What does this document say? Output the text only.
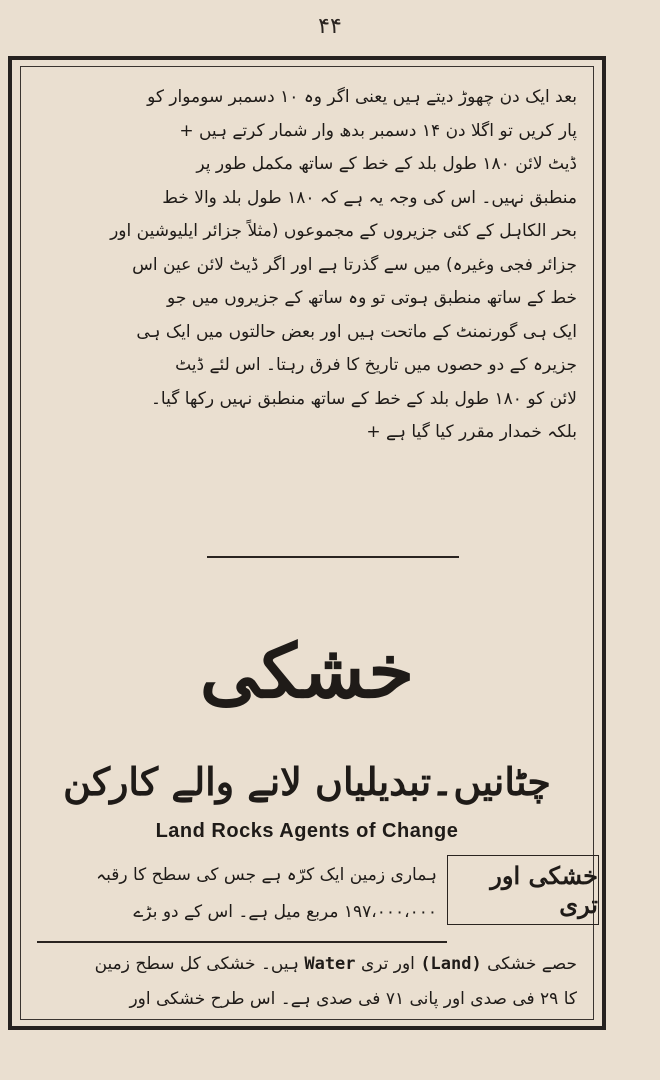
۴۴

بعد ایک دن چھوڑ دیتے ہیں یعنی اگر وہ ۱۰ دسمبر سوموار کو

پار کریں تو اگلا دن ۱۴ دسمبر بدھ وار شمار کرتے ہیں +

ڈیٹ لائن ۱۸۰ طول بلد کے خط کے ساتھ مکمل طور پر

منطبق نہیں۔ اس کی وجہ یہ ہے کہ ۱۸۰ طول بلد والا خط

بحر الکاہل کے کئی جزیروں کے مجموعوں (مثلاً جزائر ایلیوشین اور

جزائر فجی وغیرہ) میں سے گذرتا ہے اور اگر ڈیٹ لائن عین اس

خط کے ساتھ منطبق ہوتی تو وہ ساتھ کے جزیروں میں جو

ایک ہی گورنمنٹ کے ماتحت ہیں اور بعض حالتوں میں ایک ہی

جزیرہ کے دو حصوں میں تاریخ کا فرق رہتا۔ اس لئے ڈیٹ

لائن کو ۱۸۰ طول بلد کے خط کے ساتھ منطبق نہیں رکھا گیا۔

بلکہ خمدار مقرر کیا گیا ہے +

خشکی
چٹانیں۔تبدیلیاں لانے والے کارکن
Land Rocks Agents of Change
خشکی اور تری

ہماری زمین ایک کرّہ ہے جس کی سطح کا رقبہ

۱۹۷،۰۰۰،۰۰۰ مربع میل ہے۔ اس کے دو بڑے

حصے خشکی (Land) اور تری Water ہیں۔ خشکی کل سطح زمین

کا ۲۹ فی صدی اور پانی ۷۱ فی صدی ہے۔ اس طرح خشکی اور
